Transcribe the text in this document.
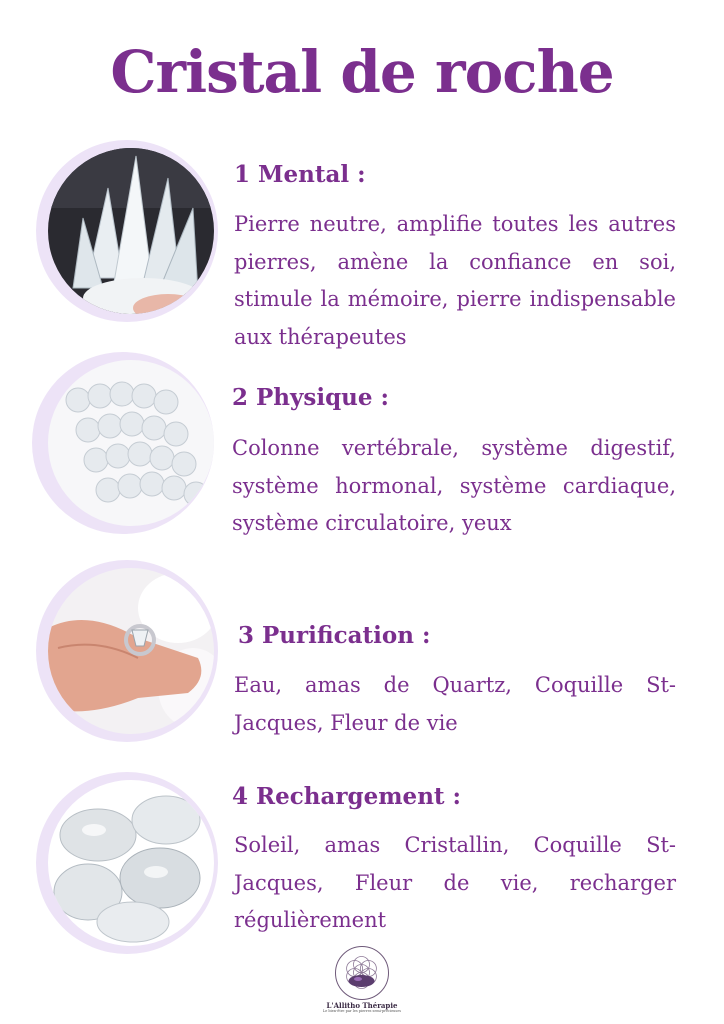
Cristal de roche
1 Mental :
Pierre neutre, amplifie toutes les autres pierres, amène la confiance en soi, stimule la mémoire, pierre indispensable aux thérapeutes
2 Physique :
Colonne vertébrale, système digestif, système hormonal, système cardiaque, système circulatoire, yeux
3 Purification :
Eau, amas de Quartz, Coquille St-Jacques, Fleur de vie
4 Rechargement :
Soleil, amas Cristallin, Coquille St-Jacques, Fleur de vie, recharger régulièrement
L'Allitho Thérapie
Le bien-être par les pierres semi-précieuses
